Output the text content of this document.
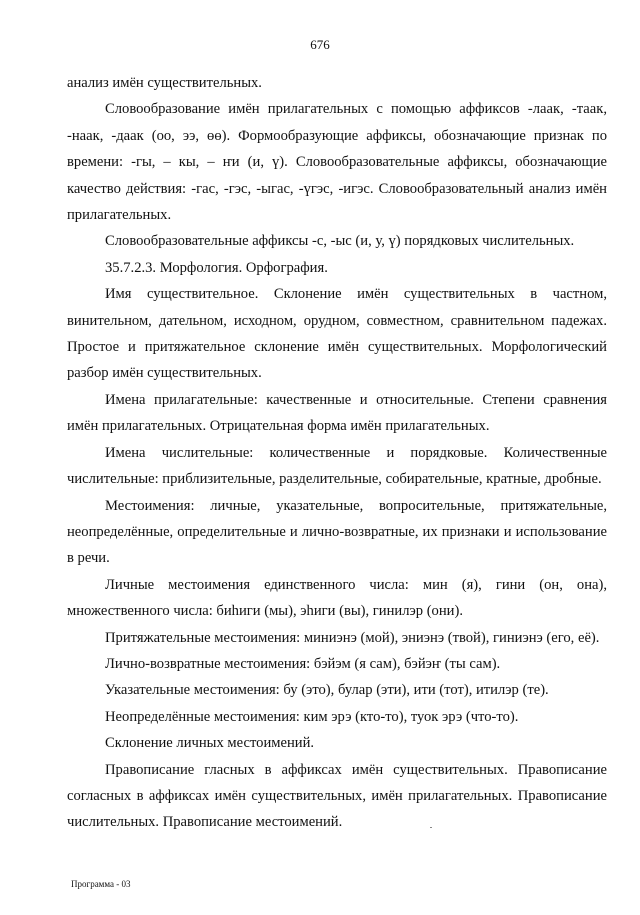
676

анализ имён существительных.

Словообразование имён прилагательных с помощью аффиксов -лаак, -таак, -наак, -даак (оо, ээ, өө). Формообразующие аффиксы, обозначающие признак по времени: -гы, – кы, – ҥи (и, ү). Словообразовательные аффиксы, обозначающие качество действия: -гас, -гэс, -ыгас, -үгэс, -игэс. Словообразовательный анализ имён прилагательных.

Словообразовательные аффиксы -с, -ыс (и, у, ү) порядковых числительных.

35.7.2.3. Морфология. Орфография.

Имя существительное. Склонение имён существительных в частном, винительном, дательном, исходном, орудном, совместном, сравнительном падежах. Простое и притяжательное склонение имён существительных. Морфологический разбор имён существительных.

Имена прилагательные: качественные и относительные. Степени сравнения имён прилагательных. Отрицательная форма имён прилагательных.

Имена числительные: количественные и порядковые. Количественные числительные: приблизительные, разделительные, собирательные, кратные, дробные.

Местоимения: личные, указательные, вопросительные, притяжательные, неопределённые, определительные и лично-возвратные, их признаки и использование в речи.

Личные местоимения единственного числа: мин (я), гини (он, она), множественного числа: биһиги (мы), эһиги (вы), гинилэр (они).

Притяжательные местоимения: миниэнэ (мой), эниэнэ (твой), гиниэнэ (его, её).

Лично-возвратные местоимения: бэйэм (я сам), бэйэҥ (ты сам).

Указательные местоимения: бу (это), булар (эти), ити (тот), итилэр (те).

Неопределённые местоимения: ким эрэ (кто-то), туок эрэ (что-то).

Склонение личных местоимений.

Правописание гласных в аффиксах имён существительных. Правописание согласных в аффиксах имён существительных, имён прилагательных. Правописание числительных. Правописание местоимений.

Программа - 03
